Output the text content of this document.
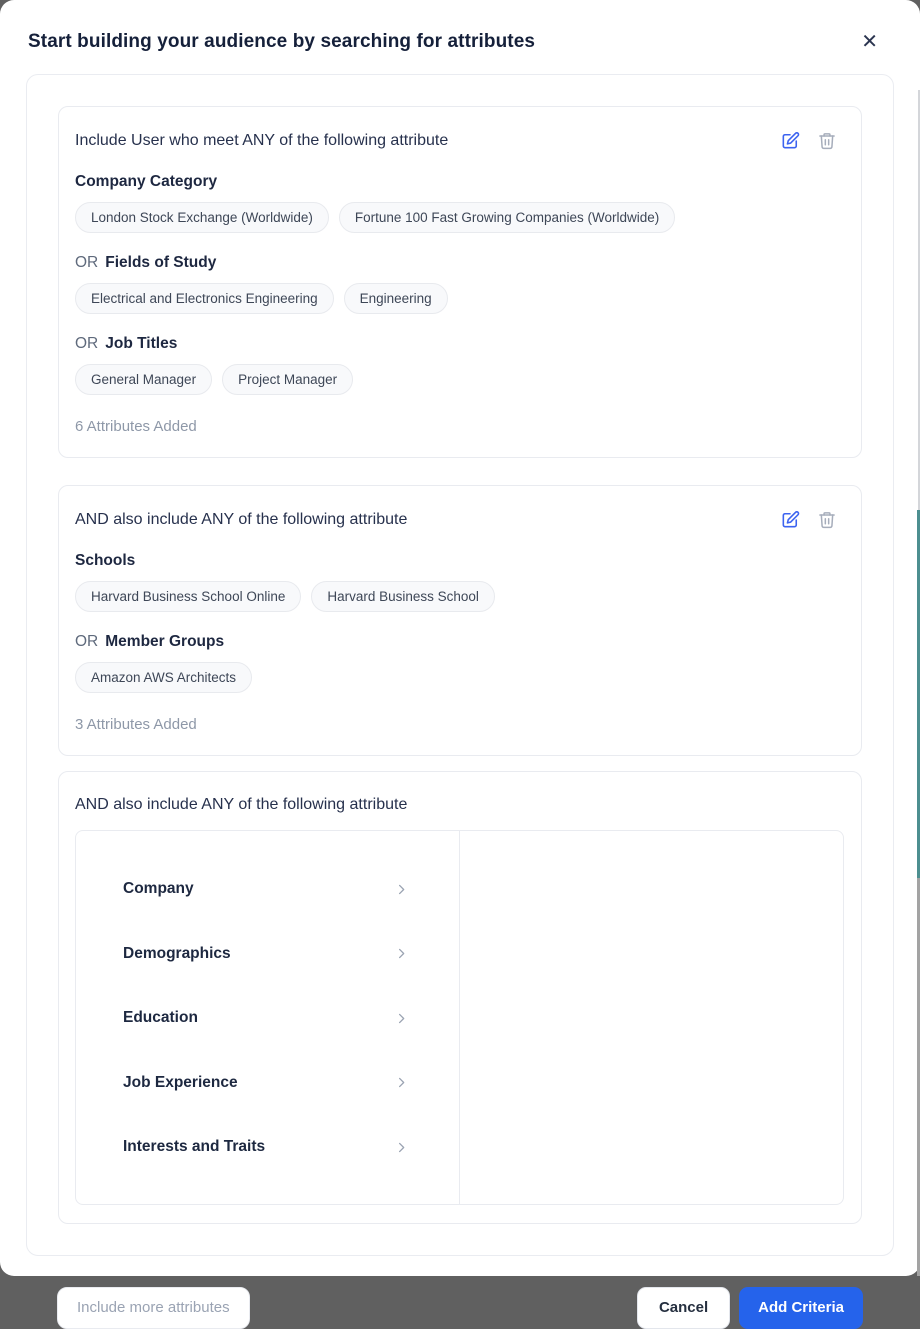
Start building your audience by searching for attributes	✕
Include User who meet ANY of the following attribute
Company Category
London Stock Exchange (Worldwide)	Fortune 100 Fast Growing Companies (Worldwide)
OR Fields of Study
Electrical and Electronics Engineering	Engineering
OR Job Titles
General Manager	Project Manager
6 Attributes Added
AND also include ANY of the following attribute
Schools
Harvard Business School Online	Harvard Business School
OR Member Groups
Amazon AWS Architects
3 Attributes Added
AND also include ANY of the following attribute
Company
Demographics
Education
Job Experience
Interests and Traits
Include more attributes	Cancel	Add Criteria
